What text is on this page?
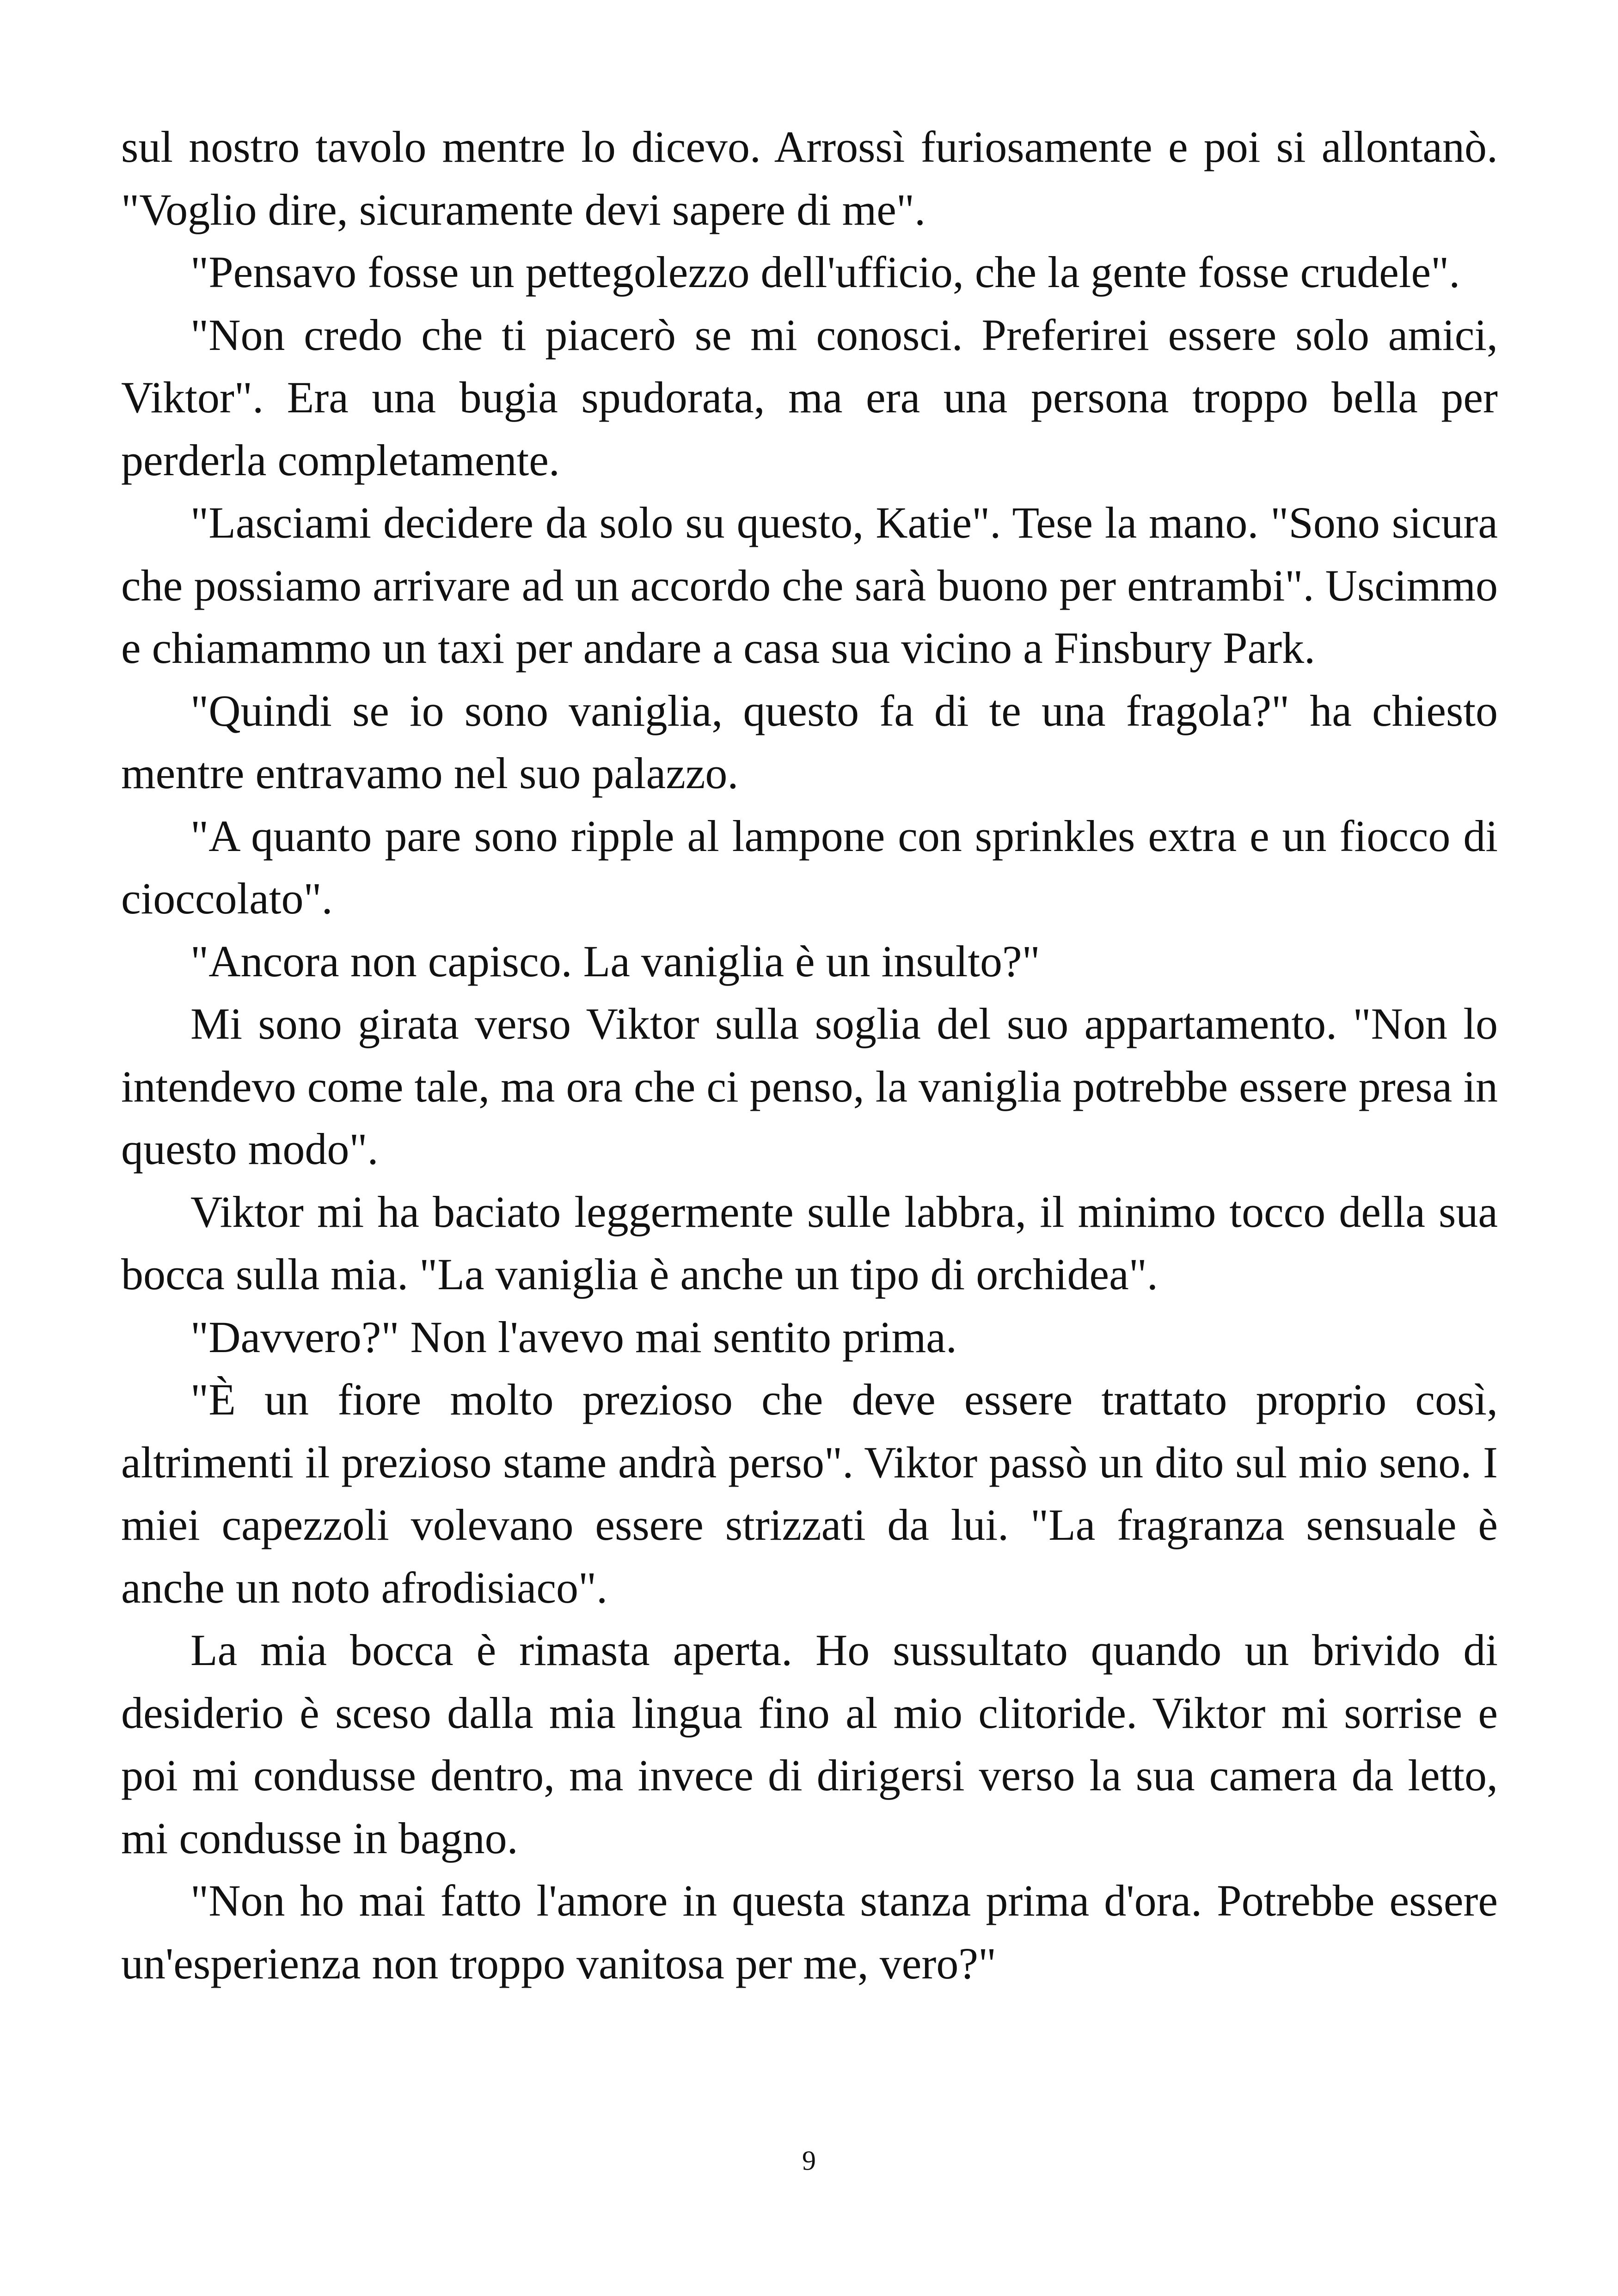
sul nostro tavolo mentre lo dicevo. Arrossì furiosamente e poi si allontanò. "Voglio dire, sicuramente devi sapere di me".

"Pensavo fosse un pettegolezzo dell'ufficio, che la gente fosse crudele".

"Non credo che ti piacerò se mi conosci. Preferirei essere solo amici, Viktor". Era una bugia spudorata, ma era una persona troppo bella per perderla completamente.

"Lasciami decidere da solo su questo, Katie". Tese la mano. "Sono sicura che possiamo arrivare ad un accordo che sarà buono per entrambi". Uscimmo e chiamammo un taxi per andare a casa sua vicino a Finsbury Park.

"Quindi se io sono vaniglia, questo fa di te una fragola?" ha chiesto mentre entravamo nel suo palazzo.

"A quanto pare sono ripple al lampone con sprinkles extra e un fiocco di cioccolato".

"Ancora non capisco. La vaniglia è un insulto?"

Mi sono girata verso Viktor sulla soglia del suo appartamento. "Non lo intendevo come tale, ma ora che ci penso, la vaniglia potrebbe essere presa in questo modo".

Viktor mi ha baciato leggermente sulle labbra, il minimo tocco della sua bocca sulla mia. "La vaniglia è anche un tipo di orchidea".

"Davvero?" Non l'avevo mai sentito prima.

"È un fiore molto prezioso che deve essere trattato proprio così, altrimenti il prezioso stame andrà perso". Viktor passò un dito sul mio seno. I miei capezzoli volevano essere strizzati da lui. "La fragranza sensuale è anche un noto afrodisiaco".

La mia bocca è rimasta aperta. Ho sussultato quando un brivido di desiderio è sceso dalla mia lingua fino al mio clitoride. Viktor mi sorrise e poi mi condusse dentro, ma invece di dirigersi verso la sua camera da letto, mi condusse in bagno.

"Non ho mai fatto l'amore in questa stanza prima d'ora. Potrebbe essere un'esperienza non troppo vanitosa per me, vero?"

9
